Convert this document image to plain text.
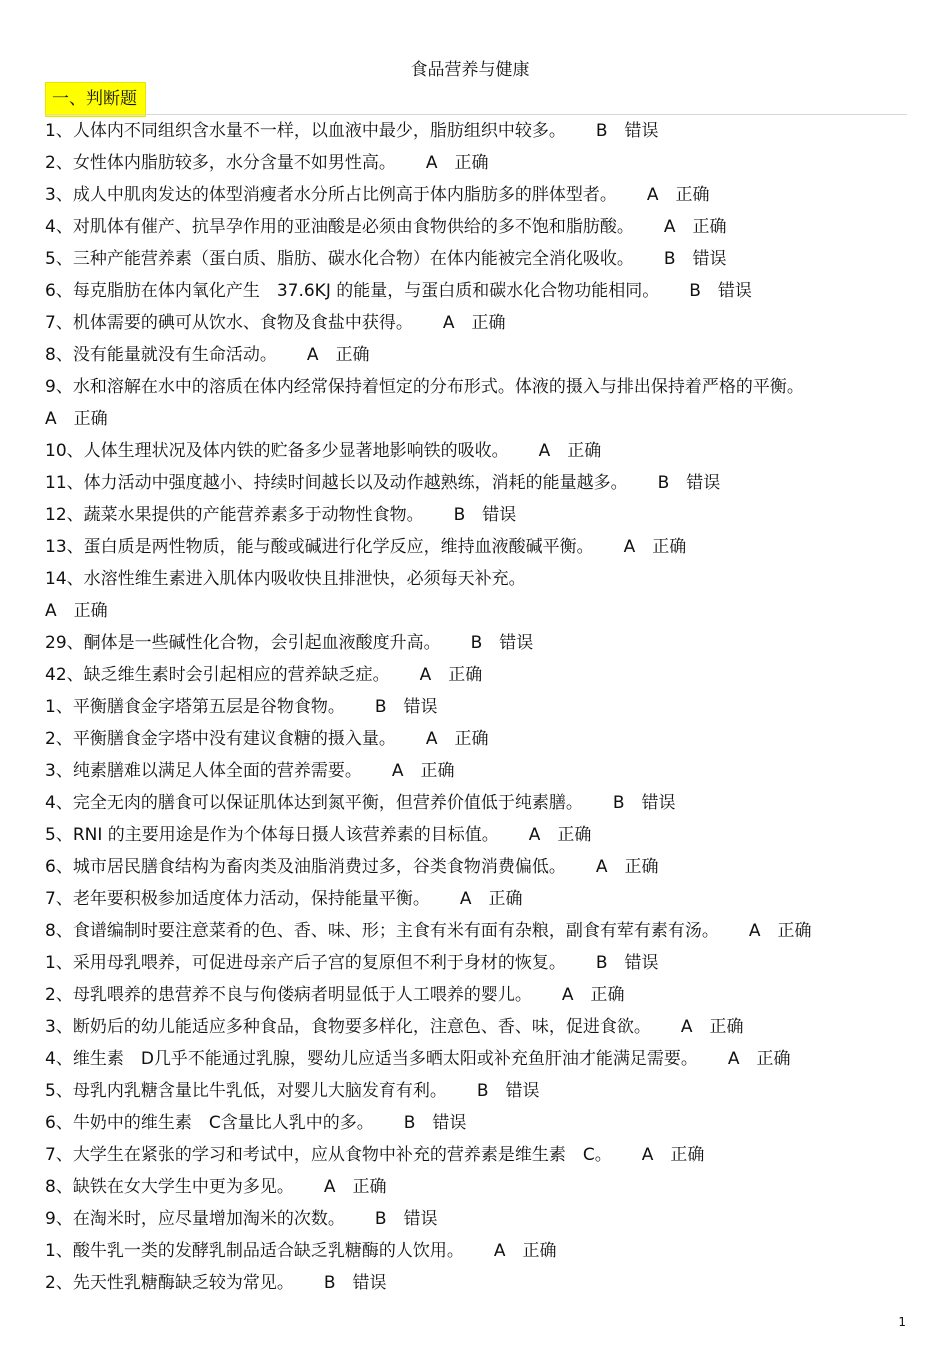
食品营养与健康
一、判断题
1、人体内不同组织含水量不一样，以血液中最少，脂肪组织中较多。 B　错误
2、女性体内脂肪较多，水分含量不如男性高。 A　正确
3、成人中肌肉发达的体型消瘦者水分所占比例高于体内脂肪多的胖体型者。 A　正确
4、对肌体有催产、抗旱孕作用的亚油酸是必须由食物供给的多不饱和脂肪酸。 A　正确
5、三种产能营养素（蛋白质、脂肪、碳水化合物）在体内能被完全消化吸收。 B　错误
6、每克脂肪在体内氧化产生　37.6KJ 的能量，与蛋白质和碳水化合物功能相同。 B　错误
7、机体需要的碘可从饮水、食物及食盐中获得。 A　正确
8、没有能量就没有生命活动。 A　正确
9、水和溶解在水中的溶质在体内经常保持着恒定的分布形式。体液的摄入与排出保持着严格的平衡。
A　正确
10、人体生理状况及体内铁的贮备多少显著地影响铁的吸收。 A　正确
11、体力活动中强度越小、持续时间越长以及动作越熟练，消耗的能量越多。 B　错误
12、蔬菜水果提供的产能营养素多于动物性食物。 B　错误
13、蛋白质是两性物质，能与酸或碱进行化学反应，维持血液酸碱平衡。 A　正确
14、水溶性维生素进入肌体内吸收快且排泄快，必须每天补充。
A　正确
29、酮体是一些碱性化合物，会引起血液酸度升高。 B　错误
42、缺乏维生素时会引起相应的营养缺乏症。 A　正确
1、平衡膳食金字塔第五层是谷物食物。 B　错误
2、平衡膳食金字塔中没有建议食糖的摄入量。 A　正确
3、纯素膳难以满足人体全面的营养需要。 A　正确
4、完全无肉的膳食可以保证肌体达到氮平衡，但营养价值低于纯素膳。 B　错误
5、RNI 的主要用途是作为个体每日摄人该营养素的目标值。 A　正确
6、城市居民膳食结构为畜肉类及油脂消费过多，谷类食物消费偏低。 A　正确
7、老年要积极参加适度体力活动，保持能量平衡。 A　正确
8、食谱编制时要注意菜肴的色、香、味、形；主食有米有面有杂粮，副食有荤有素有汤。 A　正确
1、采用母乳喂养，可促进母亲产后子宫的复原但不利于身材的恢复。 B　错误
2、母乳喂养的患营养不良与佝偻病者明显低于人工喂养的婴儿。 A　正确
3、断奶后的幼儿能适应多种食品，食物要多样化，注意色、香、味，促进食欲。 A　正确
4、维生素　D几乎不能通过乳腺，婴幼儿应适当多晒太阳或补充鱼肝油才能满足需要。 A　正确
5、母乳内乳糖含量比牛乳低，对婴儿大脑发育有利。 B　错误
6、牛奶中的维生素　C含量比人乳中的多。 B　错误
7、大学生在紧张的学习和考试中，应从食物中补充的营养素是维生素　C。 A　正确
8、缺铁在女大学生中更为多见。 A　正确
9、在淘米时，应尽量增加淘米的次数。 B　错误
1、酸牛乳一类的发酵乳制品适合缺乏乳糖酶的人饮用。 A　正确
2、先天性乳糖酶缺乏较为常见。 B　错误
1
